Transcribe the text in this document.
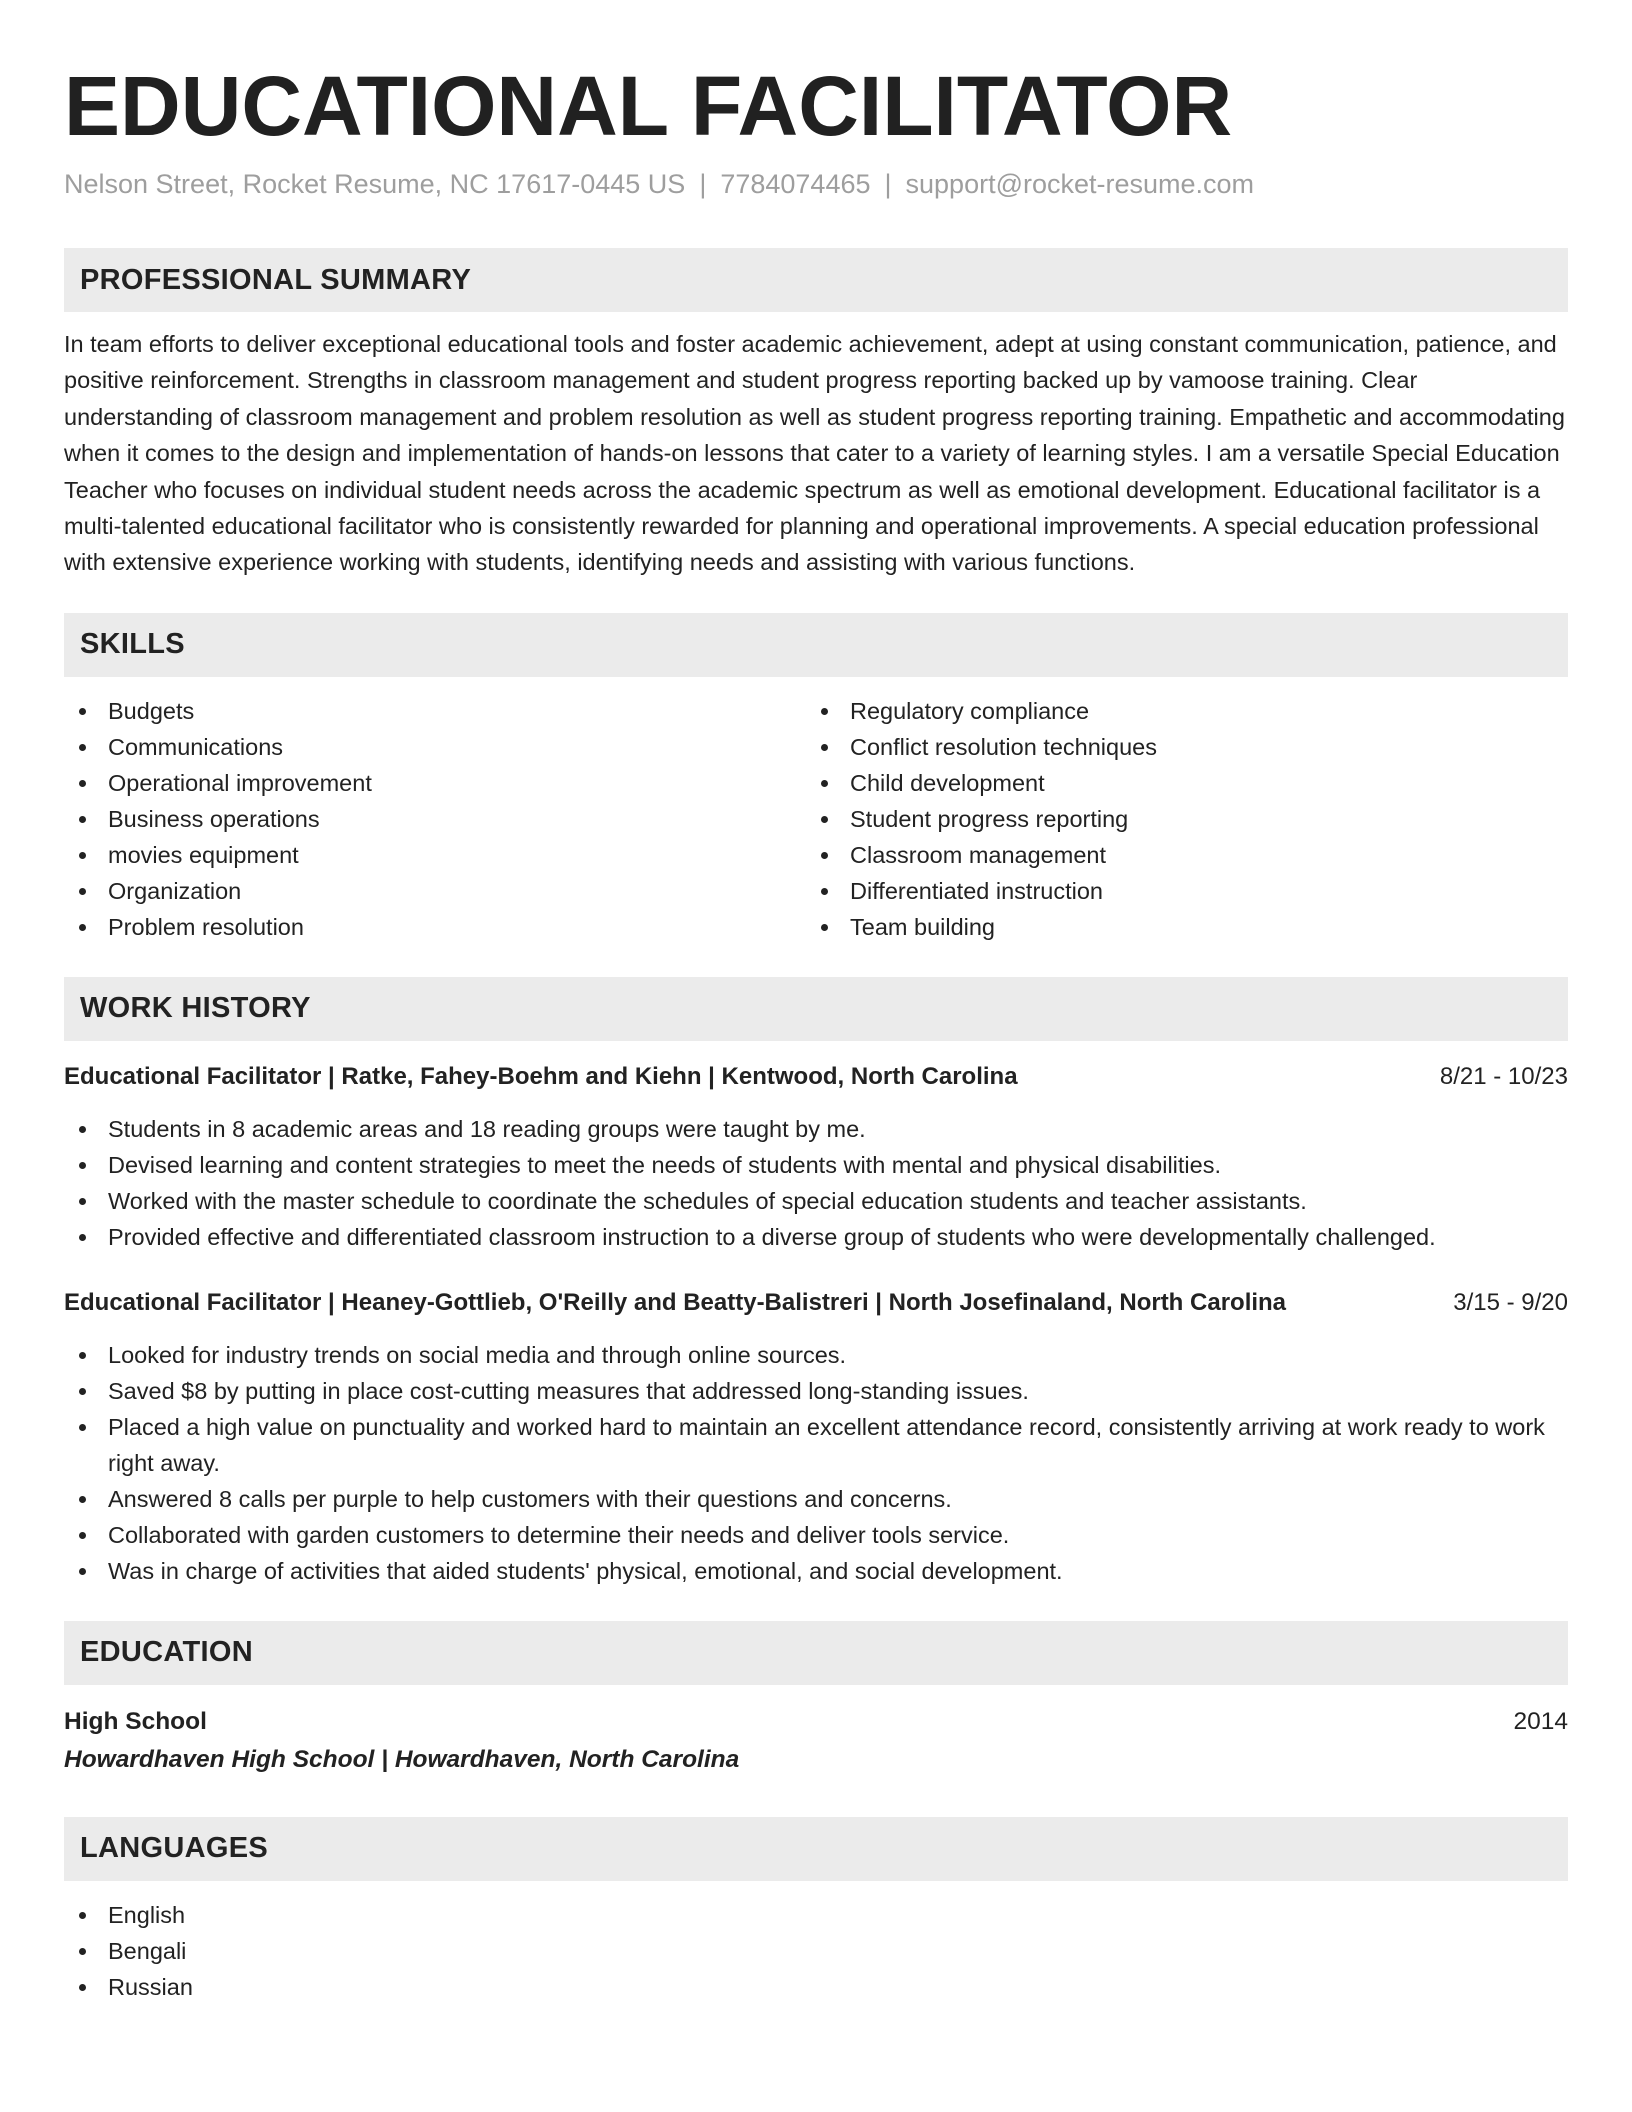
EDUCATIONAL FACILITATOR
Nelson Street, Rocket Resume, NC 17617-0445 US | 7784074465 | support@rocket-resume.com
PROFESSIONAL SUMMARY
In team efforts to deliver exceptional educational tools and foster academic achievement, adept at using constant communication, patience, and positive reinforcement. Strengths in classroom management and student progress reporting backed up by vamoose training. Clear understanding of classroom management and problem resolution as well as student progress reporting training. Empathetic and accommodating when it comes to the design and implementation of hands-on lessons that cater to a variety of learning styles. I am a versatile Special Education Teacher who focuses on individual student needs across the academic spectrum as well as emotional development. Educational facilitator is a multi-talented educational facilitator who is consistently rewarded for planning and operational improvements. A special education professional with extensive experience working with students, identifying needs and assisting with various functions.
SKILLS
Budgets
Communications
Operational improvement
Business operations
movies equipment
Organization
Problem resolution
Regulatory compliance
Conflict resolution techniques
Child development
Student progress reporting
Classroom management
Differentiated instruction
Team building
WORK HISTORY
Educational Facilitator | Ratke, Fahey-Boehm and Kiehn | Kentwood, North Carolina	8/21 - 10/23
Students in 8 academic areas and 18 reading groups were taught by me.
Devised learning and content strategies to meet the needs of students with mental and physical disabilities.
Worked with the master schedule to coordinate the schedules of special education students and teacher assistants.
Provided effective and differentiated classroom instruction to a diverse group of students who were developmentally challenged.
Educational Facilitator | Heaney-Gottlieb, O'Reilly and Beatty-Balistreri | North Josefinaland, North Carolina	3/15 - 9/20
Looked for industry trends on social media and through online sources.
Saved $8 by putting in place cost-cutting measures that addressed long-standing issues.
Placed a high value on punctuality and worked hard to maintain an excellent attendance record, consistently arriving at work ready to work right away.
Answered 8 calls per purple to help customers with their questions and concerns.
Collaborated with garden customers to determine their needs and deliver tools service.
Was in charge of activities that aided students' physical, emotional, and social development.
EDUCATION
High School	2014
Howardhaven High School | Howardhaven, North Carolina
LANGUAGES
English
Bengali
Russian
